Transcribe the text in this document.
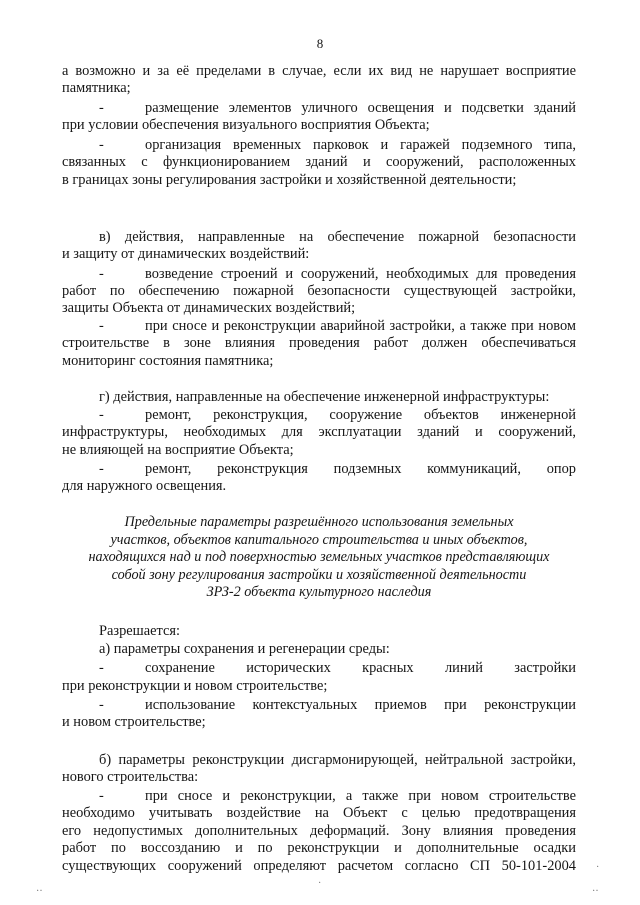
8
а возможно и за её пределами в случае, если их вид не нарушает восприятие
памятника;
-	размещение элементов уличного освещения и подсветки зданий
при условии обеспечения визуального восприятия Объекта;
-	организация временных парковок и гаражей подземного типа,
связанных с функционированием зданий и сооружений, расположенных
в границах зоны регулирования застройки и хозяйственной деятельности;
в) действия, направленные на обеспечение пожарной безопасности
и защиту от динамических воздействий:
-	возведение строений и сооружений, необходимых для проведения
работ по обеспечению пожарной безопасности существующей застройки,
защиты Объекта от динамических воздействий;
-	при сносе и реконструкции аварийной застройки, а также при новом
строительстве в зоне влияния проведения работ должен обеспечиваться
мониторинг состояния памятника;
г) действия, направленные на обеспечение инженерной инфраструктуры:
-	ремонт, реконструкция, сооружение объектов инженерной
инфраструктуры, необходимых для эксплуатации зданий и сооружений,
не влияющей на восприятие Объекта;
-	ремонт, реконструкция подземных коммуникаций, опор
для наружного освещения.
Предельные параметры разрешённого использования земельных
участков, объектов капитального строительства и иных объектов,
находящихся над и под поверхностью земельных участков представляющих
собой зону регулирования застройки и хозяйственной деятельности
ЗРЗ-2 объекта культурного наследия
Разрешается:
а) параметры сохранения и регенерации среды:
-	сохранение исторических красных линий застройки
при реконструкции и новом строительстве;
-	использование контекстуальных приемов при реконструкции
и новом строительстве;
б) параметры реконструкции дисгармонирующей, нейтральной застройки,
нового строительства:
-	при сносе и реконструкции, а также при новом строительстве
необходимо учитывать воздействие на Объект с целью предотвращения
его недопустимых дополнительных деформаций. Зону влияния проведения
работ по воссозданию и по реконструкции и дополнительные осадки
существующих сооружений определяют расчетом согласно СП 50-101-2004
‥	·
·
‥
